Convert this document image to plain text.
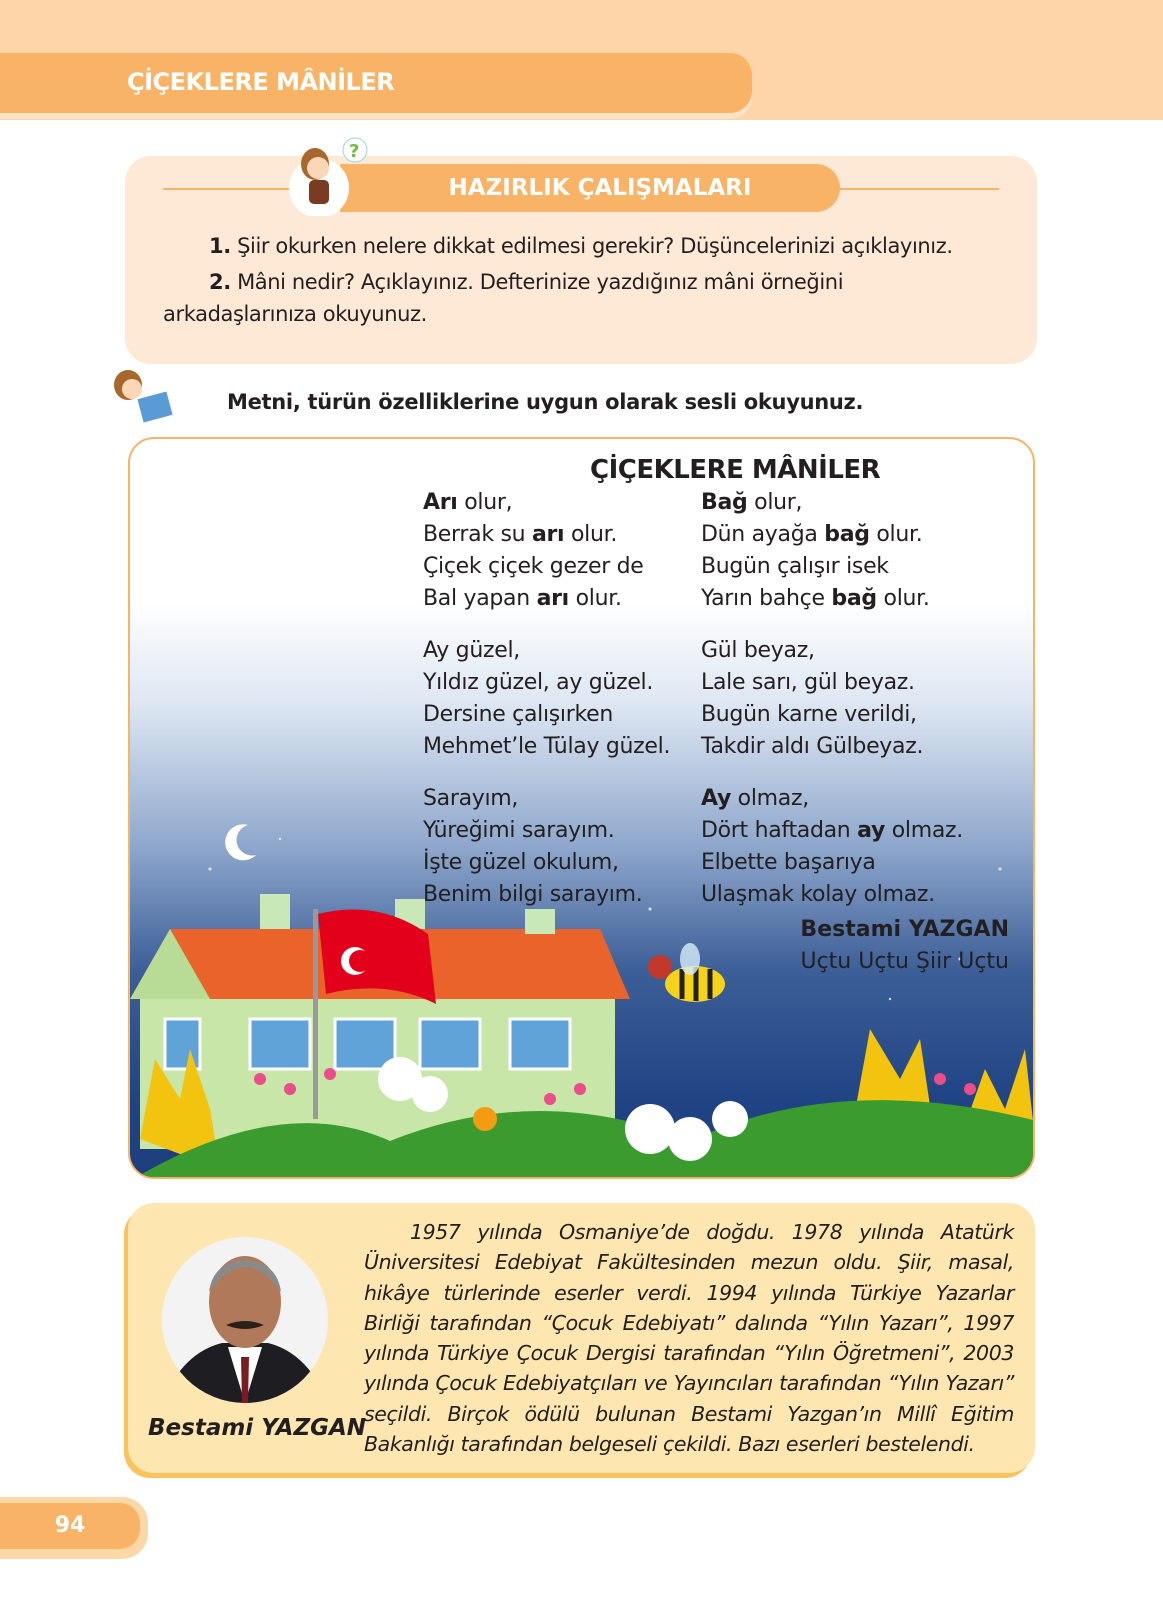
ÇİÇEKLERE MÂNİLER
HAZIRLIK ÇALIŞMALARI
?

1. Şiir okurken nelere dikkat edilmesi gerekir? Düşüncelerinizi açıklayınız.

2. Mâni nedir? Açıklayınız. Defterinize yazdığınız mâni örneğini arkadaşlarınıza okuyunuz.

Metni, türün özelliklerine uygun olarak sesli okuyunuz.
ÇİÇEKLERE MÂNİLER
Arı olur,
Berrak su arı olur.
Çiçek çiçek gezer de
Bal yapan arı olur.
Ay güzel,
Yıldız güzel, ay güzel.
Dersine çalışırken
Mehmet’le Tülay güzel.
Sarayım,
Yüreğimi sarayım.
İşte güzel okulum,
Benim bilgi sarayım.
Bağ olur,
Dün ayağa bağ olur.
Bugün çalışır isek
Yarın bahçe bağ olur.
Gül beyaz,
Lale sarı, gül beyaz.
Bugün karne verildi,
Takdir aldı Gülbeyaz.
Ay olmaz,
Dört haftadan ay olmaz.
Elbette başarıya
Ulaşmak kolay olmaz.
Bestami YAZGAN
Uçtu Uçtu Şiir Uçtu
Bestami YAZGAN
1957 yılında Osmaniye’de doğdu. 1978 yılında Atatürk Üniversitesi Edebiyat Fakültesinden mezun oldu. Şiir, masal, hikâye türlerinde eserler verdi. 1994 yılında Türkiye Yazarlar Birliği tarafından “Çocuk Edebiyatı” dalında “Yılın Yazarı”, 1997 yılında Türkiye Çocuk Dergisi tarafından “Yılın Öğretmeni”, 2003 yılında Çocuk Edebiyatçıları ve Yayıncıları tarafından “Yılın Yazarı” seçildi. Birçok ödülü bulunan Bestami Yazgan’ın Millî Eğitim Bakanlığı tarafından belgeseli çekildi. Bazı eserleri bestelendi.
94
